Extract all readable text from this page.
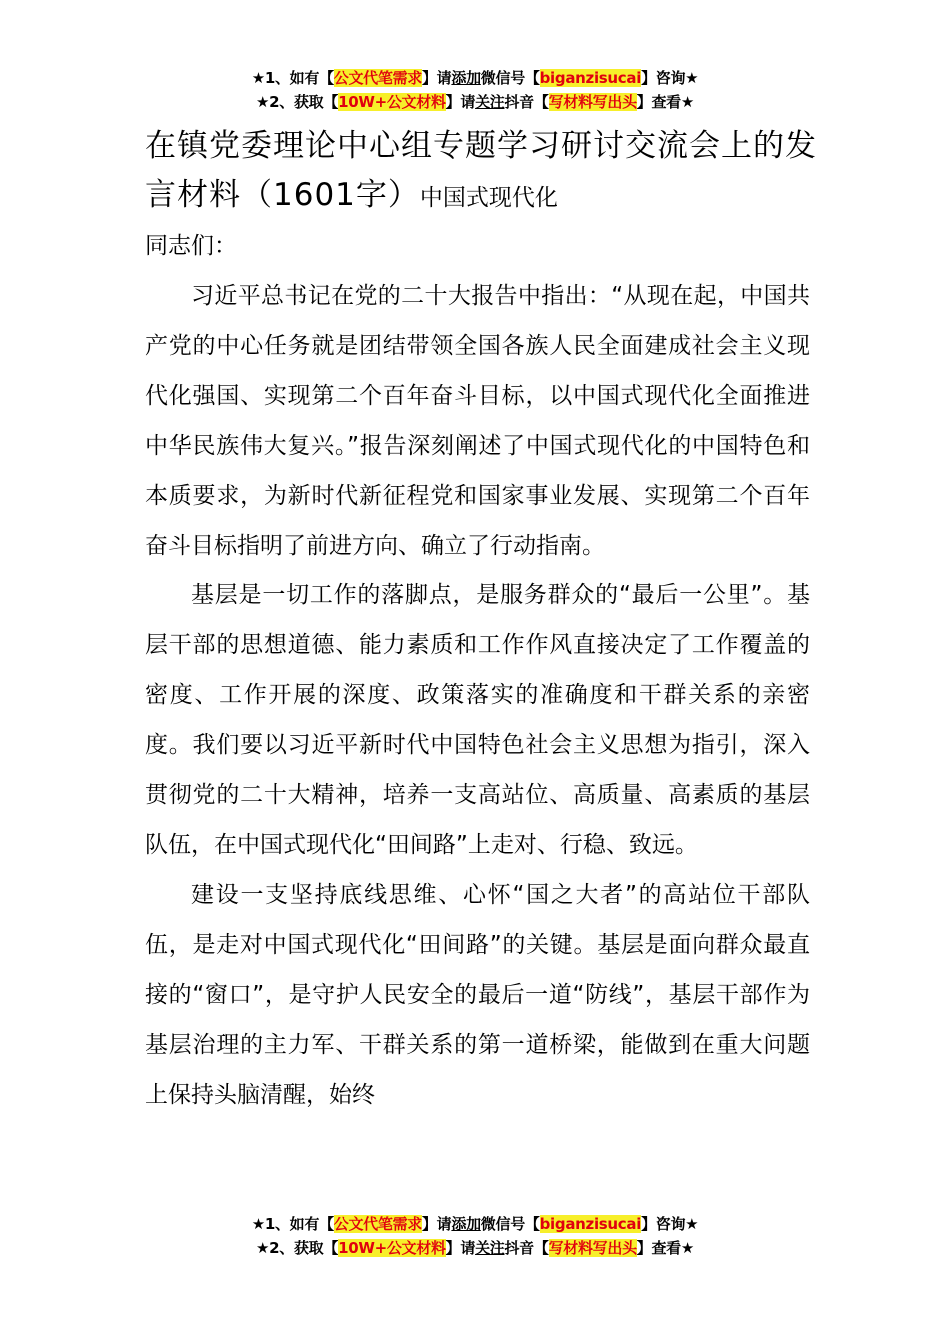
★1、如有【公文代笔需求】请添加微信号【biganzisucai】咨询★
★2、获取【10W+公文材料】请关注抖音【写材料写出头】查看★
在镇党委理论中心组专题学习研讨交流会上的发言材料（1601字）中国式现代化
同志们：

习近平总书记在党的二十大报告中指出：“从现在起，中国共产党的中心任务就是团结带领全国各族人民全面建成社会主义现代化强国、实现第二个百年奋斗目标，以中国式现代化全面推进中华民族伟大复兴。”报告深刻阐述了中国式现代化的中国特色和本质要求，为新时代新征程党和国家事业发展、实现第二个百年奋斗目标指明了前进方向、确立了行动指南。

基层是一切工作的落脚点，是服务群众的“最后一公里”。基层干部的思想道德、能力素质和工作作风直接决定了工作覆盖的密度、工作开展的深度、政策落实的准确度和干群关系的亲密度。我们要以习近平新时代中国特色社会主义思想为指引，深入贯彻党的二十大精神，培养一支高站位、高质量、高素质的基层队伍，在中国式现代化“田间路”上走对、行稳、致远。

建设一支坚持底线思维、心怀“国之大者”的高站位干部队伍，是走对中国式现代化“田间路”的关键。基层是面向群众最直接的“窗口”，是守护人民安全的最后一道“防线”，基层干部作为基层治理的主力军、干群关系的第一道桥梁，能做到在重大问题上保持头脑清醒，始终

★1、如有【公文代笔需求】请添加微信号【biganzisucai】咨询★
★2、获取【10W+公文材料】请关注抖音【写材料写出头】查看★
